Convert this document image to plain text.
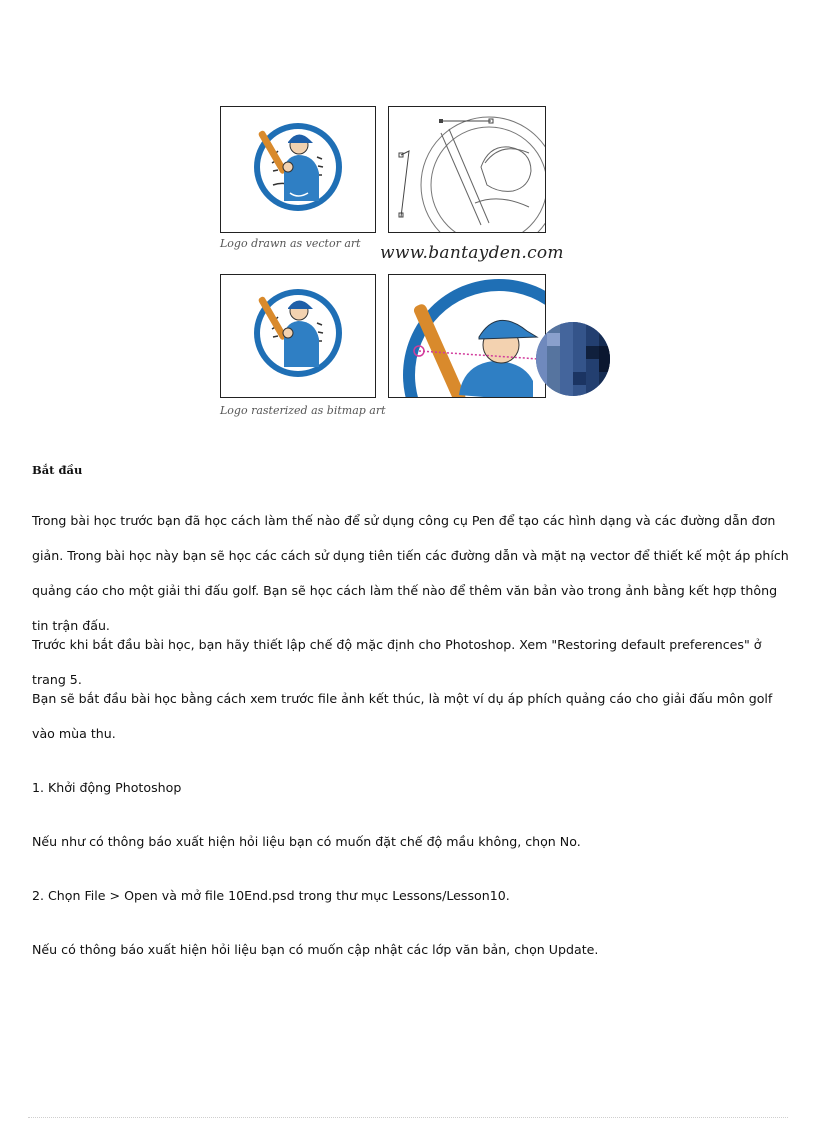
Logo drawn as vector art www.bantayden.com
Logo rasterized as bitmap art
Bắt đầu

Trong bài học trước bạn đã học cách làm thế nào để sử dụng công cụ Pen để tạo các hình dạng và các đường dẫn đơn giản. Trong bài học này bạn sẽ học các cách sử dụng tiên tiến các đường dẫn và mặt nạ vector để thiết kế một áp phích quảng cáo cho một giải thi đấu golf. Bạn sẽ học cách làm thế nào để thêm văn bản vào trong ảnh bằng kết hợp thông tin trận đấu.

Trước khi bắt đầu bài học, bạn hãy thiết lập chế độ mặc định cho Photoshop. Xem "Restoring default preferences" ở trang 5.

Bạn sẽ bắt đầu bài học bằng cách xem trước file ảnh kết thúc, là một ví dụ áp phích quảng cáo cho giải đấu môn golf vào mùa thu.

1. Khởi động Photoshop

Nếu như có thông báo xuất hiện hỏi liệu bạn có muốn đặt chế độ mầu không, chọn No.

2. Chọn File > Open và mở file 10End.psd trong thư mục Lessons/Lesson10.

Nếu có thông báo xuất hiện hỏi liệu bạn có muốn cập nhật các lớp văn bản, chọn Update.
